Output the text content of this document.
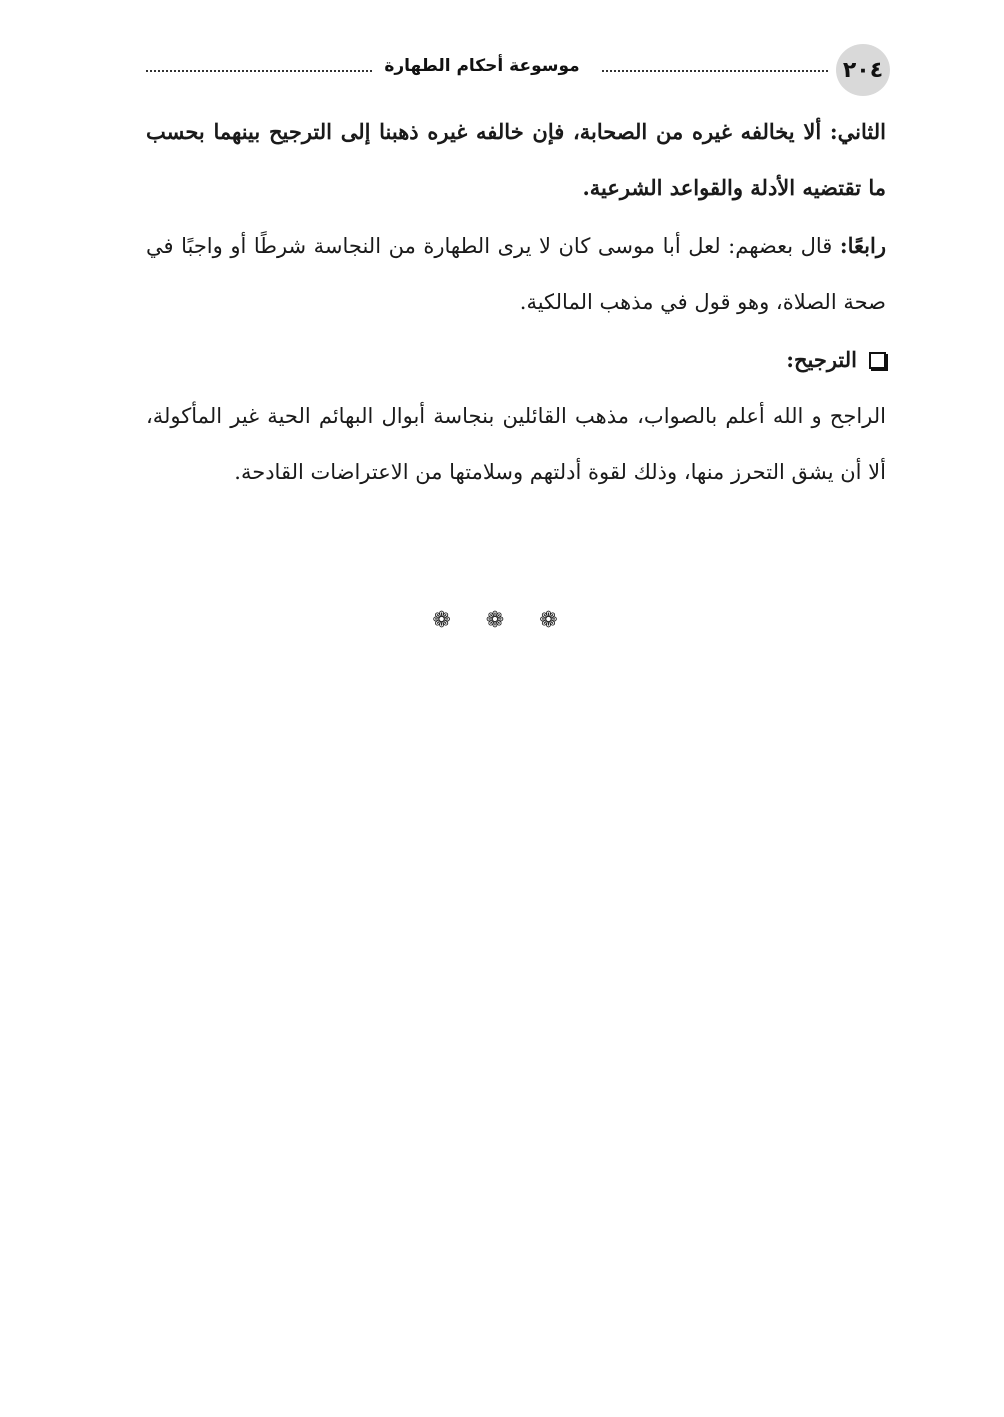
٢٠٤
موسوعة أحكام الطهارة

الثاني: ألا يخالفه غيره من الصحابة، فإن خالفه غيره ذهبنا إلى الترجيح بينهما بحسب ما تقتضيه الأدلة والقواعد الشرعية.

رابعًا: قال بعضهم: لعل أبا موسى كان لا يرى الطهارة من النجاسة شرطًا أو واجبًا في صحة الصلاة، وهو قول في مذهب المالكية.

الترجيح:

الراجح و الله أعلم بالصواب، مذهب القائلين بنجاسة أبوال البهائم الحية غير المأكولة، ألا أن يشق التحرز منها، وذلك لقوة أدلتهم وسلامتها من الاعتراضات القادحة.

❁ ❁ ❁
